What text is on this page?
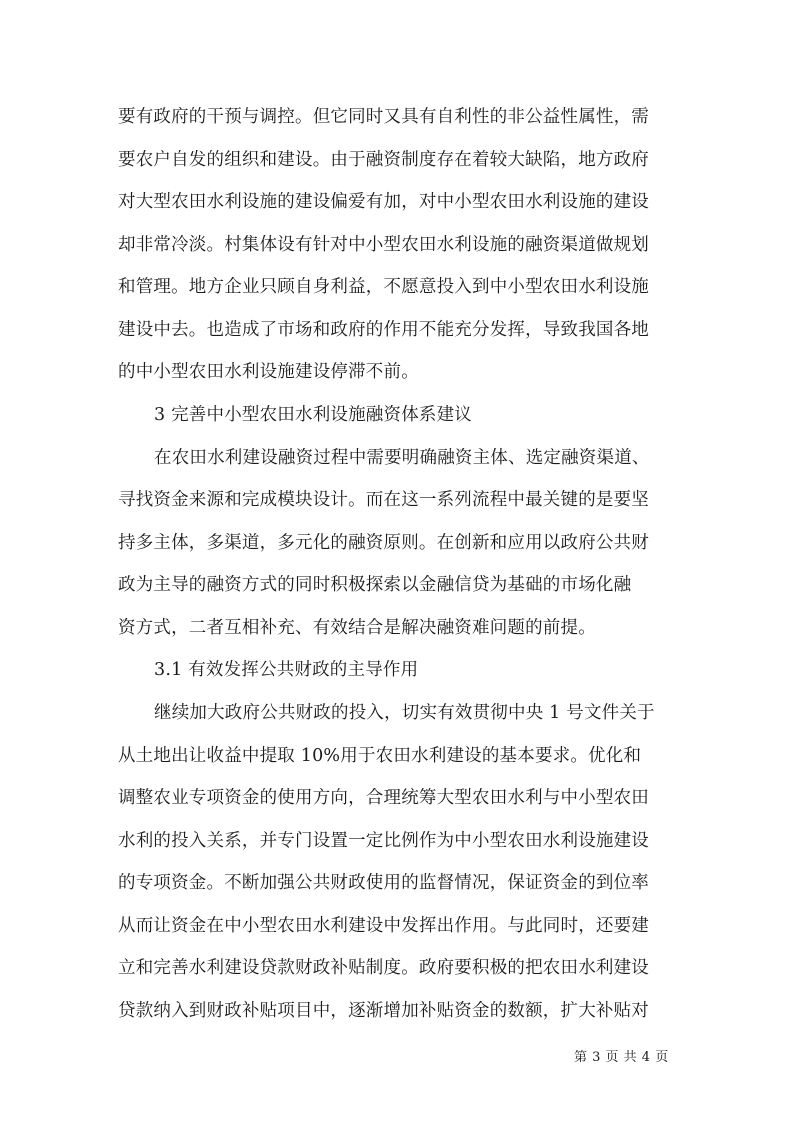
要有政府的干预与调控。但它同时又具有自利性的非公益性属性，需
要农户自发的组织和建设。由于融资制度存在着较大缺陷，地方政府
对大型农田水利设施的建设偏爱有加，对中小型农田水利设施的建设
却非常冷淡。村集体设有针对中小型农田水利设施的融资渠道做规划
和管理。地方企业只顾自身利益，不愿意投入到中小型农田水利设施
建设中去。也造成了市场和政府的作用不能充分发挥，导致我国各地
的中小型农田水利设施建设停滞不前。
3 完善中小型农田水利设施融资体系建议
在农田水利建设融资过程中需要明确融资主体、选定融资渠道、
寻找资金来源和完成模块设计。而在这一系列流程中最关键的是要坚
持多主体，多渠道，多元化的融资原则。在创新和应用以政府公共财
政为主导的融资方式的同时积极探索以金融信贷为基础的市场化融
资方式，二者互相补充、有效结合是解决融资难问题的前提。
3.1 有效发挥公共财政的主导作用
继续加大政府公共财政的投入，切实有效贯彻中央 1 号文件关于
从土地出让收益中提取 10%用于农田水利建设的基本要求。优化和
调整农业专项资金的使用方向，合理统筹大型农田水利与中小型农田
水利的投入关系，并专门设置一定比例作为中小型农田水利设施建设
的专项资金。不断加强公共财政使用的监督情况，保证资金的到位率
从而让资金在中小型农田水利建设中发挥出作用。与此同时，还要建
立和完善水利建设贷款财政补贴制度。政府要积极的把农田水利建设
贷款纳入到财政补贴项目中，逐渐增加补贴资金的数额，扩大补贴对
第 3 页 共 4 页
